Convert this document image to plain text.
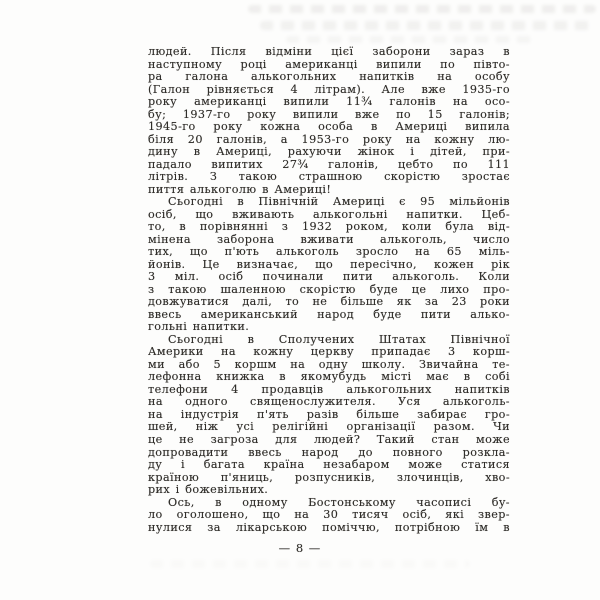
людей. Після відміни цієї заборони зараз в
наступному році американці випили по півто-
ра галона алькогольних напитків на особу
(Галон рівняється 4 літрам). Але вже 1935-го
року американці випили 11¾ галонів на осо-
бу; 1937-го року випили вже по 15 галонів;
1945-го року кожна особа в Америці випила
біля 20 галонів, а 1953-го року на кожну лю-
дину в Америці, рахуючи жінок і дітей, при-
падало випитих 27¾ галонів, цебто по 111
літрів. З такою страшною скорістю зростає
пиття алькоголю в Америці!
Сьогодні в Північній Америці є 95 мільйонів
осіб, що вживають алькогольні напитки. Цеб-
то, в порівнянні з 1932 роком, коли була від-
мінена заборона вживати алькоголь, число
тих, що п'ють алькоголь зросло на 65 міль-
йонів. Це визначає, що пересічно, кожен рік
3 міл. осіб починали пити алькоголь. Коли
з такою шаленною скорістю буде це лихо про-
довжуватися далі, то не більше як за 23 роки
ввесь американський народ буде пити алько-
гольні напитки.
Сьогодні в Сполучених Штатах Північної
Америки на кожну церкву припадає 3 корш-
ми або 5 коршм на одну школу. Звичайна те-
лефонна книжка в якомубудь місті має в собі
телефони 4 продавців алькогольних напитків
на одного священослужителя. Уся алькоголь-
на індустрія п'ять разів більше забирає гро-
шей, ніж усі релігійні організації разом. Чи
це не загроза для людей? Такий стан може
допровадити ввесь народ до повного розкла-
ду і багата країна незабаром може статися
країною п'яниць, розпусників, злочинців, хво-
рих і божевільних.
Ось, в одному Бостонському часописі бу-
ло оголошено, що на 30 тисяч осіб, які звер-
нулися за лікарською поміччю, потрібною їм в
— 8 —
